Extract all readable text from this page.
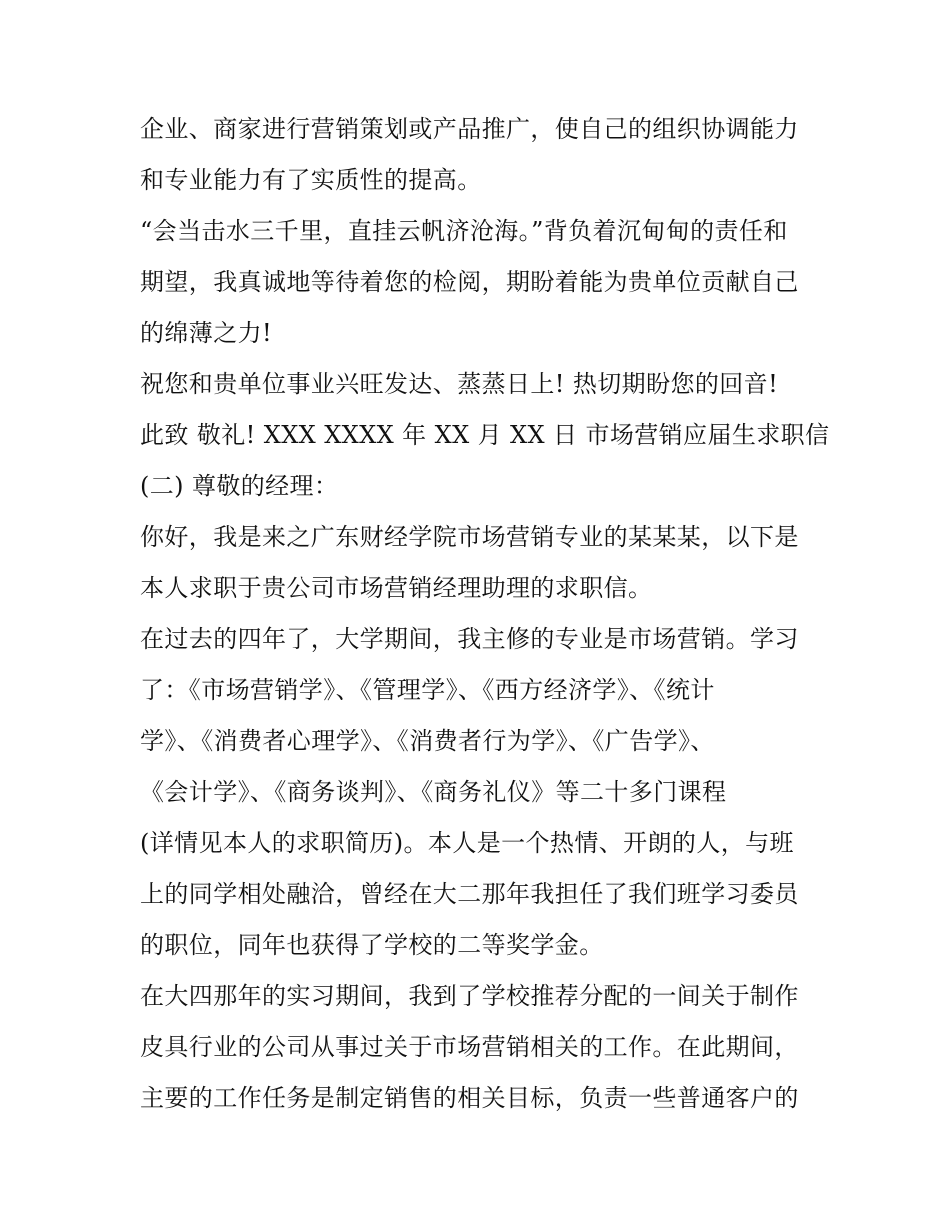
企业、商家进行营销策划或产品推广，使自己的组织协调能力
和专业能力有了实质性的提高。
“会当击水三千里，直挂云帆济沧海。”背负着沉甸甸的责任和
期望，我真诚地等待着您的检阅，期盼着能为贵单位贡献自己
的绵薄之力!
祝您和贵单位事业兴旺发达、蒸蒸日上! 热切期盼您的回音!
此致 敬礼! XXX XXXX 年 XX 月 XX 日 市场营销应届生求职信
(二) 尊敬的经理：
你好，我是来之广东财经学院市场营销专业的某某某，以下是
本人求职于贵公司市场营销经理助理的求职信。
在过去的四年了，大学期间，我主修的专业是市场营销。学习
了：《市场营销学》、《管理学》、《西方经济学》、《统计
学》、《消费者心理学》、《消费者行为学》、《广告学》、
《会计学》、《商务谈判》、《商务礼仪》等二十多门课程
(详情见本人的求职简历)。本人是一个热情、开朗的人，与班
上的同学相处融洽，曾经在大二那年我担任了我们班学习委员
的职位，同年也获得了学校的二等奖学金。
在大四那年的实习期间，我到了学校推荐分配的一间关于制作
皮具行业的公司从事过关于市场营销相关的工作。在此期间，
主要的工作任务是制定销售的相关目标，负责一些普通客户的
